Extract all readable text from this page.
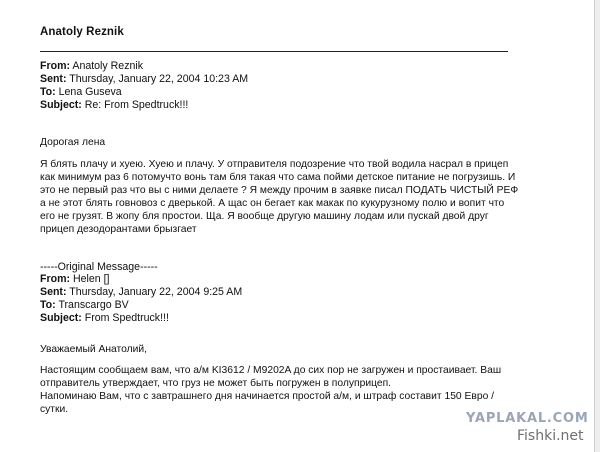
Anatoly Reznik
From: Anatoly Reznik
Sent: Thursday, January 22, 2004 10:23 AM
To: Lena Guseva
Subject: Re: From Spedtruck!!!
Дорогая лена
Я блять плачу и хуею. Хуею и плачу. У отправителя подозрение что твой водила насрал в прицеп
как минимум раз 6 потомучто вонь там бля такая что сама пойми детское питание не погрузишь. И
это не первый раз что вы с ними делаете ? Я между прочим в заявке писал ПОДАТЬ ЧИСТЫЙ РЕФ
а не этот блять говновоз с дверькой. А щас он бегает как макак по кукурузному полю и вопит что
его не грузят. В жопу бля простои. Ща. Я вообще другую машину лодам или пускай двой друг
прицеп дезодорантами брызгает
-----Original Message-----
From: Helen []
Sent: Thursday, January 22, 2004 9:25 AM
To: Transcargo BV
Subject: From Spedtruck!!!
Уважаемый Анатолий,
Настоящим сообщаем вам, что а/м KI3612 / M9202A до сих пор не загружен и простаивает. Ваш
отправитель утверждает, что груз не может быть погружен в полуприцеп.
Напоминаю Вам, что с завтрашнего дня начинается простой а/м, и штраф составит 150 Евро /
сутки.
YAPLAKAL.COM
Fishki.net
